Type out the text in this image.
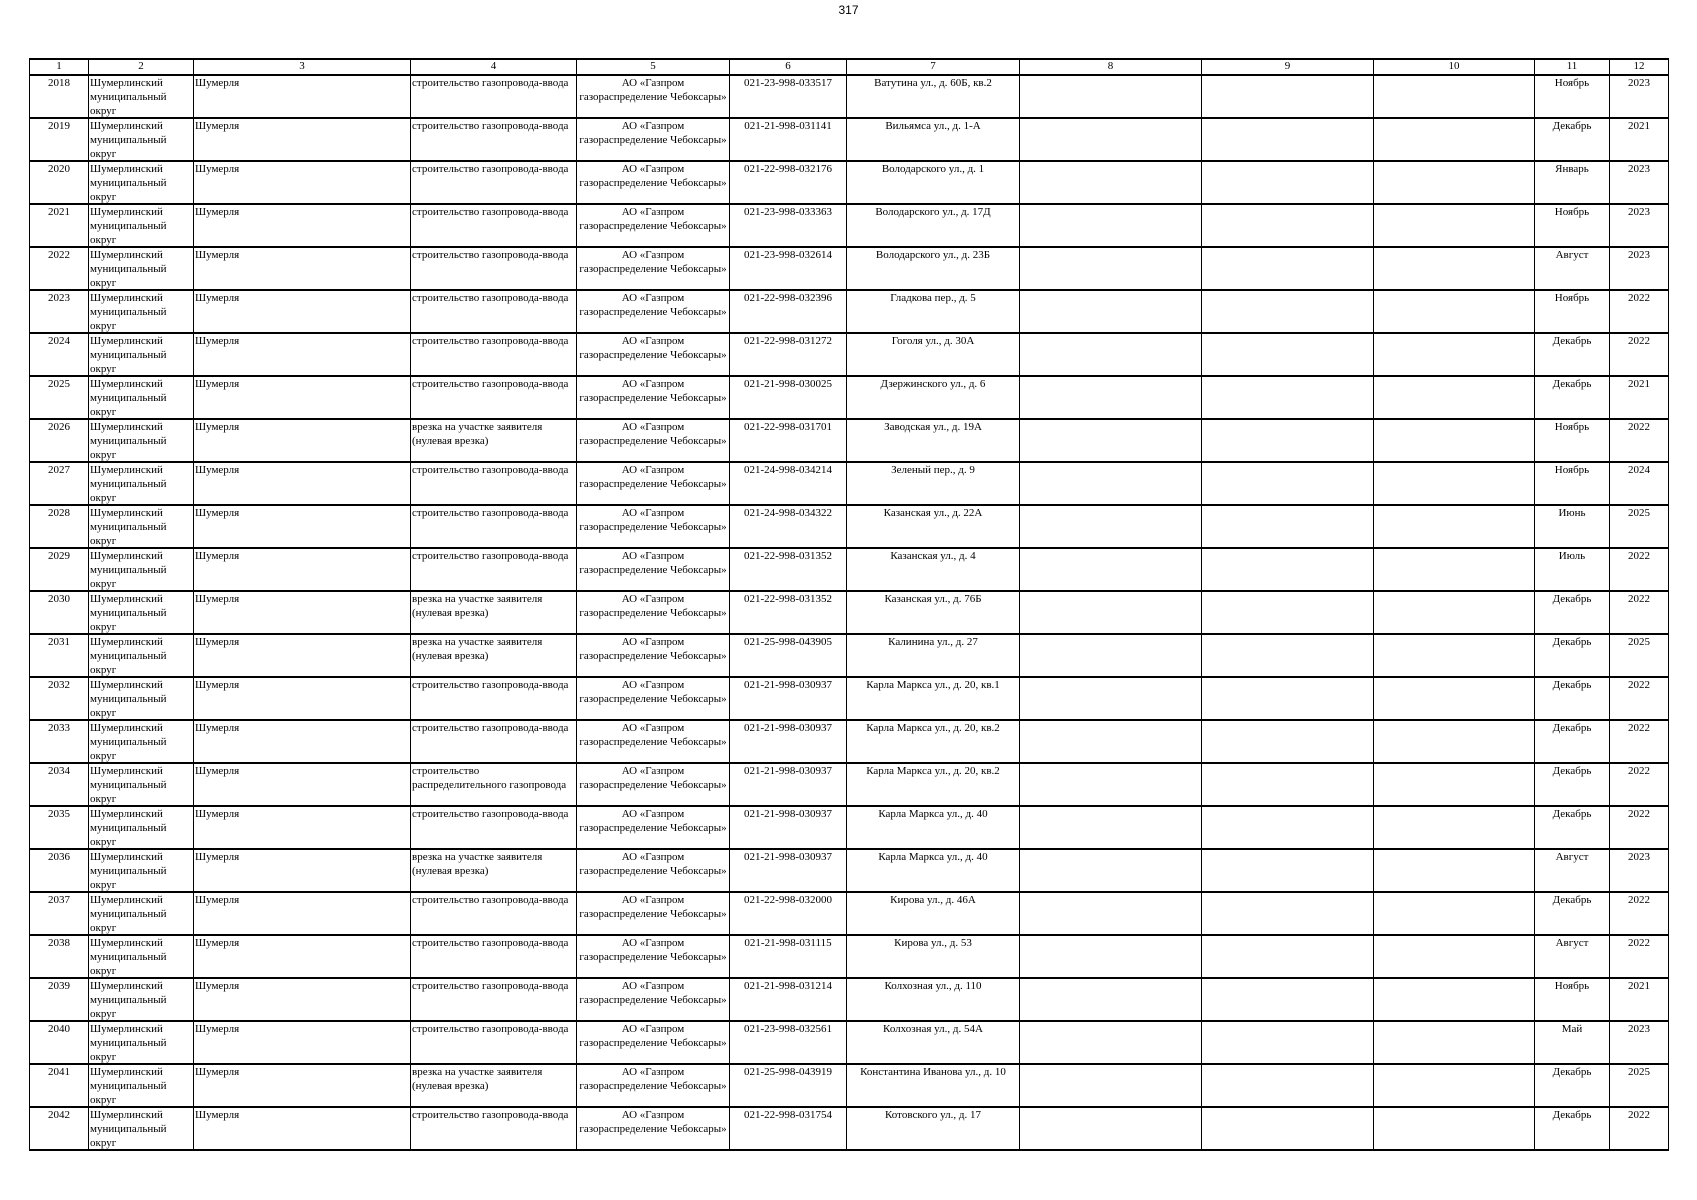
317
1	2	3	4	5	6	7	8	9	10	11	12

2018	Шумерлинский муниципальный округ	Шумерля	строительство газопровода-ввода	АО «Газпром газораспределение Чебоксары»	021-23-998-033517	Ватутина ул., д. 60Б, кв.2				Ноябрь	2023

2019	Шумерлинский муниципальный округ	Шумерля	строительство газопровода-ввода	АО «Газпром газораспределение Чебоксары»	021-21-998-031141	Вильямса ул., д. 1-А				Декабрь	2021

2020	Шумерлинский муниципальный округ	Шумерля	строительство газопровода-ввода	АО «Газпром газораспределение Чебоксары»	021-22-998-032176	Володарского ул., д. 1				Январь	2023

2021	Шумерлинский муниципальный округ	Шумерля	строительство газопровода-ввода	АО «Газпром газораспределение Чебоксары»	021-23-998-033363	Володарского ул., д. 17Д				Ноябрь	2023

2022	Шумерлинский муниципальный округ	Шумерля	строительство газопровода-ввода	АО «Газпром газораспределение Чебоксары»	021-23-998-032614	Володарского ул., д. 23Б				Август	2023

2023	Шумерлинский муниципальный округ	Шумерля	строительство газопровода-ввода	АО «Газпром газораспределение Чебоксары»	021-22-998-032396	Гладкова пер., д. 5				Ноябрь	2022

2024	Шумерлинский муниципальный округ	Шумерля	строительство газопровода-ввода	АО «Газпром газораспределение Чебоксары»	021-22-998-031272	Гоголя ул., д. 30А				Декабрь	2022

2025	Шумерлинский муниципальный округ	Шумерля	строительство газопровода-ввода	АО «Газпром газораспределение Чебоксары»	021-21-998-030025	Дзержинского ул., д. 6				Декабрь	2021

2026	Шумерлинский муниципальный округ	Шумерля	врезка на участке заявителя (нулевая врезка)	АО «Газпром газораспределение Чебоксары»	021-22-998-031701	Заводская ул., д. 19А				Ноябрь	2022

2027	Шумерлинский муниципальный округ	Шумерля	строительство газопровода-ввода	АО «Газпром газораспределение Чебоксары»	021-24-998-034214	Зеленый пер., д. 9				Ноябрь	2024

2028	Шумерлинский муниципальный округ	Шумерля	строительство газопровода-ввода	АО «Газпром газораспределение Чебоксары»	021-24-998-034322	Казанская ул., д. 22А				Июнь	2025

2029	Шумерлинский муниципальный округ	Шумерля	строительство газопровода-ввода	АО «Газпром газораспределение Чебоксары»	021-22-998-031352	Казанская ул., д. 4				Июль	2022

2030	Шумерлинский муниципальный округ	Шумерля	врезка на участке заявителя (нулевая врезка)	АО «Газпром газораспределение Чебоксары»	021-22-998-031352	Казанская ул., д. 76Б				Декабрь	2022

2031	Шумерлинский муниципальный округ	Шумерля	врезка на участке заявителя (нулевая врезка)	АО «Газпром газораспределение Чебоксары»	021-25-998-043905	Калинина ул., д. 27				Декабрь	2025

2032	Шумерлинский муниципальный округ	Шумерля	строительство газопровода-ввода	АО «Газпром газораспределение Чебоксары»	021-21-998-030937	Карла Маркса ул., д. 20, кв.1				Декабрь	2022

2033	Шумерлинский муниципальный округ	Шумерля	строительство газопровода-ввода	АО «Газпром газораспределение Чебоксары»	021-21-998-030937	Карла Маркса ул., д. 20, кв.2				Декабрь	2022

2034	Шумерлинский муниципальный округ	Шумерля	строительство распределительного газопровода	АО «Газпром газораспределение Чебоксары»	021-21-998-030937	Карла Маркса ул., д. 20, кв.2				Декабрь	2022

2035	Шумерлинский муниципальный округ	Шумерля	строительство газопровода-ввода	АО «Газпром газораспределение Чебоксары»	021-21-998-030937	Карла Маркса ул., д. 40				Декабрь	2022

2036	Шумерлинский муниципальный округ	Шумерля	врезка на участке заявителя (нулевая врезка)	АО «Газпром газораспределение Чебоксары»	021-21-998-030937	Карла Маркса ул., д. 40				Август	2023

2037	Шумерлинский муниципальный округ	Шумерля	строительство газопровода-ввода	АО «Газпром газораспределение Чебоксары»	021-22-998-032000	Кирова ул., д. 46А				Декабрь	2022

2038	Шумерлинский муниципальный округ	Шумерля	строительство газопровода-ввода	АО «Газпром газораспределение Чебоксары»	021-21-998-031115	Кирова ул., д. 53				Август	2022

2039	Шумерлинский муниципальный округ	Шумерля	строительство газопровода-ввода	АО «Газпром газораспределение Чебоксары»	021-21-998-031214	Колхозная ул., д. 110				Ноябрь	2021

2040	Шумерлинский муниципальный округ	Шумерля	строительство газопровода-ввода	АО «Газпром газораспределение Чебоксары»	021-23-998-032561	Колхозная ул., д. 54А				Май	2023

2041	Шумерлинский муниципальный округ	Шумерля	врезка на участке заявителя (нулевая врезка)	АО «Газпром газораспределение Чебоксары»	021-25-998-043919	Константина Иванова ул., д. 10				Декабрь	2025

2042	Шумерлинский муниципальный округ	Шумерля	строительство газопровода-ввода	АО «Газпром газораспределение Чебоксары»	021-22-998-031754	Котовского ул., д. 17				Декабрь	2022
